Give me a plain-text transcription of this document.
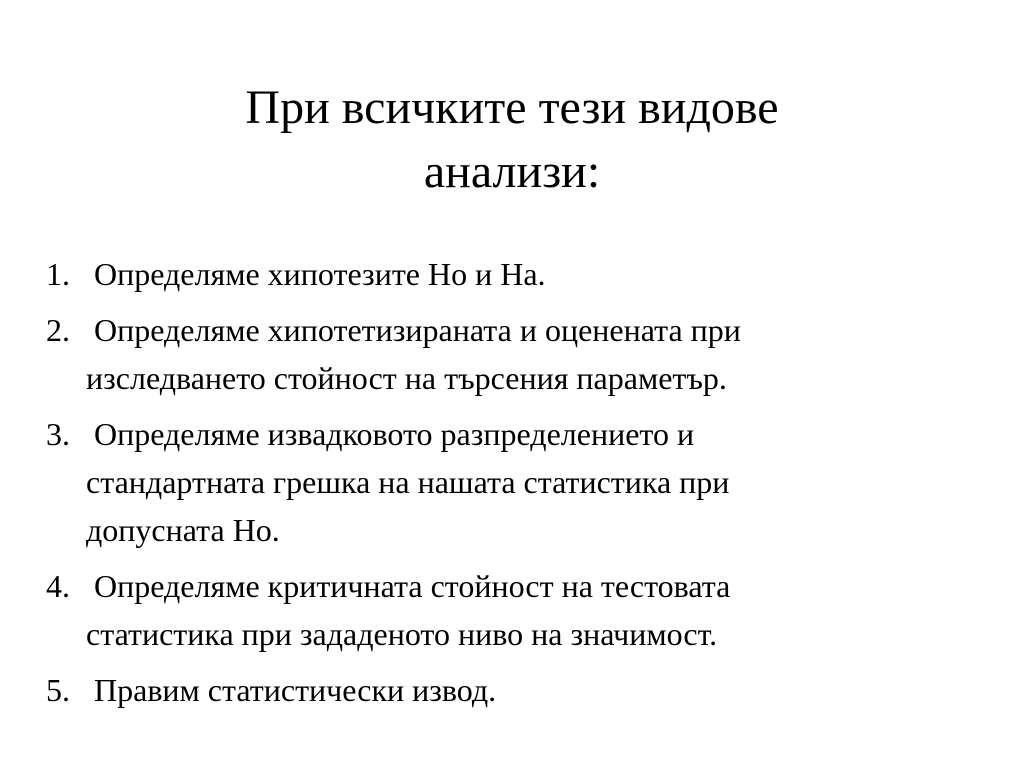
При всичките тези видове
анализи:
1. Определяме хипотезите Ho и Ha.
2. Определяме хипотетизираната и оценената при
изследването стойност на търсения параметър.
3. Определяме извадковото разпределението и
стандартната грешка на нашата статистика при
допусната Ho.
4. Определяме критичната стойност на тестовата
статистика при зададеното ниво на значимост.
5. Правим статистически извод.
